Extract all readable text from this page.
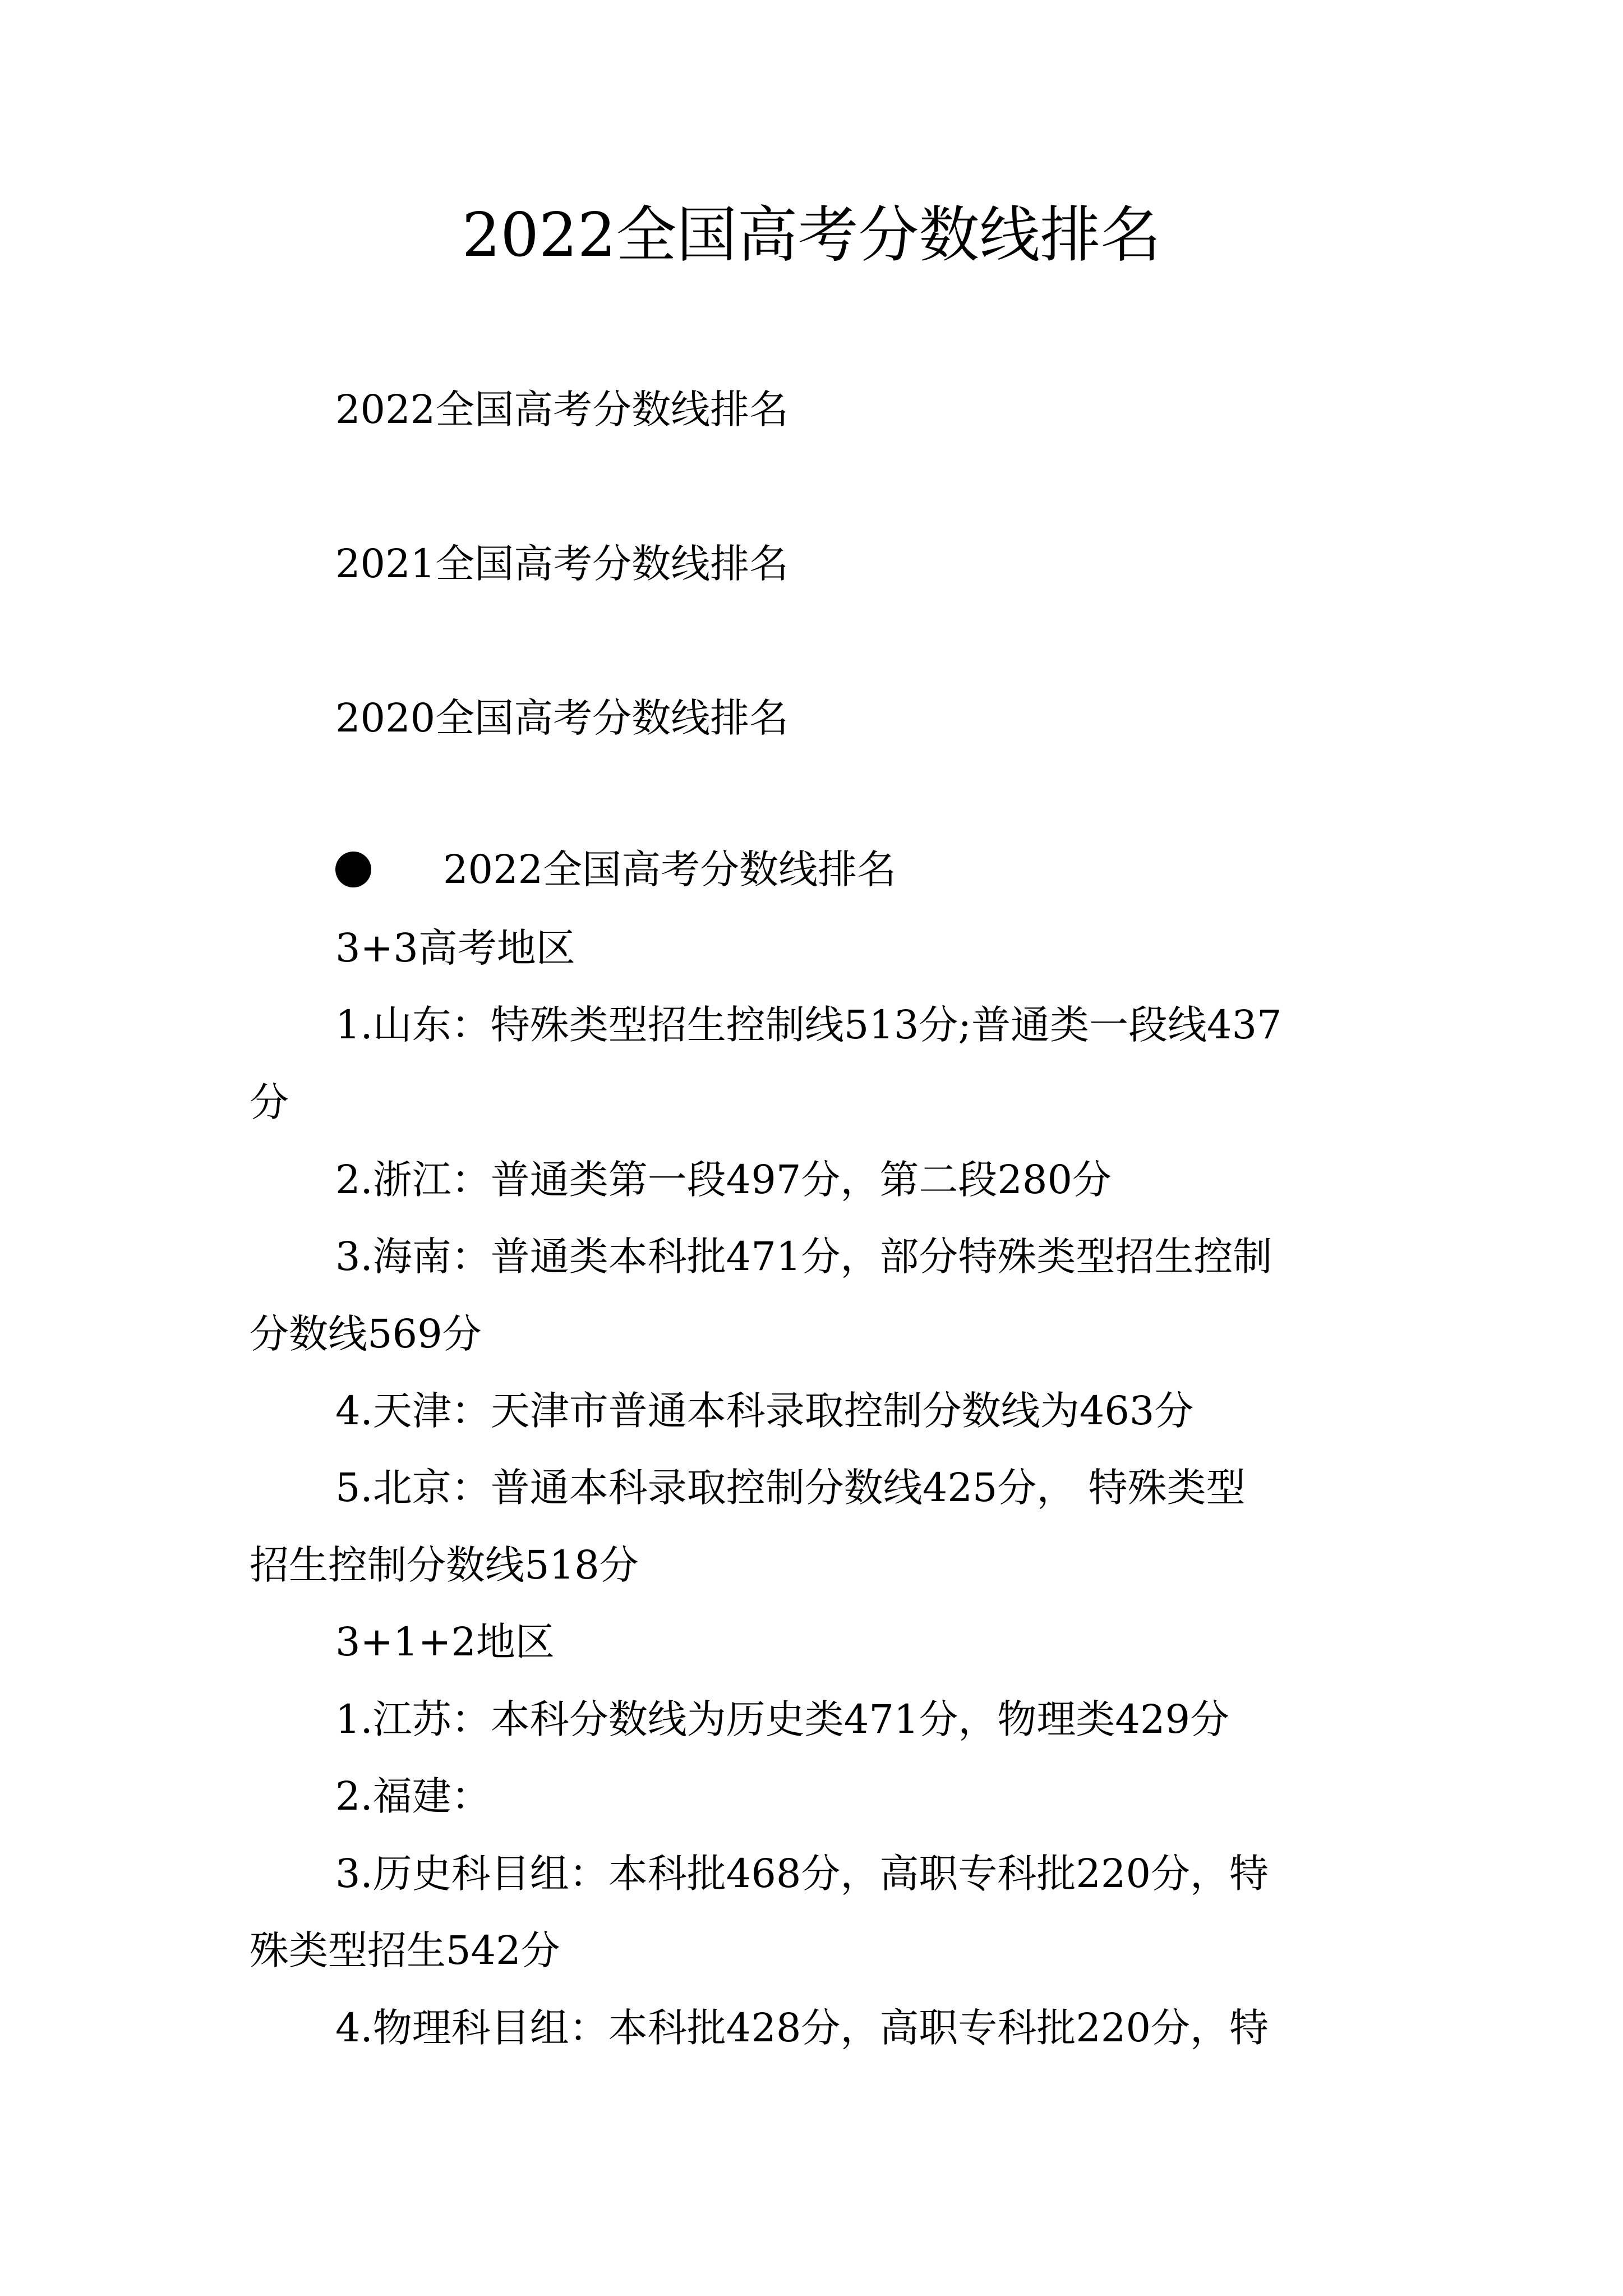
2022全国高考分数线排名

2022全国高考分数线排名

2021全国高考分数线排名

2020全国高考分数线排名

2022全国高考分数线排名

3+3高考地区

1.山东：特殊类型招生控制线513分;普通类一段线437

分

2.浙江：普通类第一段497分，第二段280分

3.海南：普通类本科批471分，部分特殊类型招生控制

分数线569分

4.天津：天津市普通本科录取控制分数线为463分

5.北京：普通本科录取控制分数线425分， 特殊类型

招生控制分数线518分

3+1+2地区

1.江苏：本科分数线为历史类471分，物理类429分

2.福建：

3.历史科目组：本科批468分，高职专科批220分，特

殊类型招生542分

4.物理科目组：本科批428分，高职专科批220分，特
